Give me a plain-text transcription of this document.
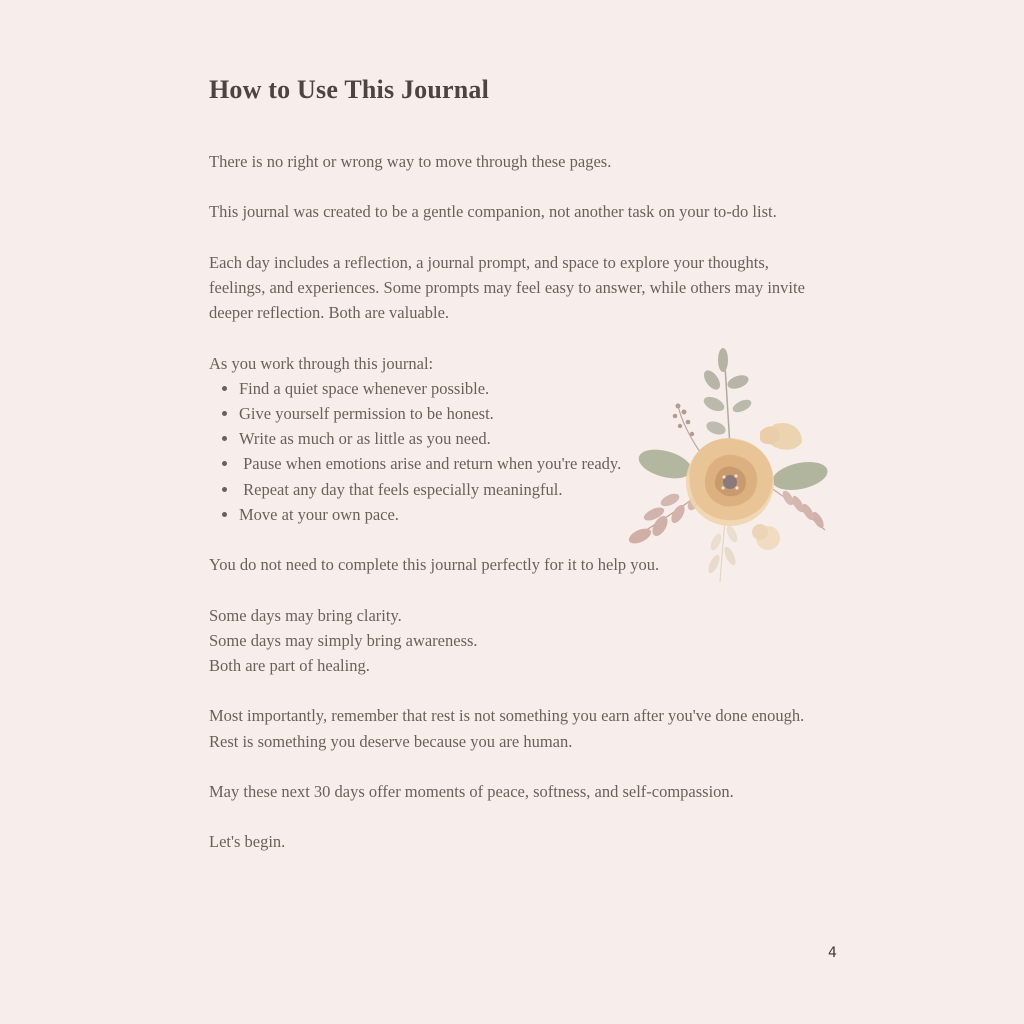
How to Use This Journal

There is no right or wrong way to move through these pages.

This journal was created to be a gentle companion, not another task on your to-do list.

Each day includes a reflection, a journal prompt, and space to explore your thoughts, feelings, and experiences. Some prompts may feel easy to answer, while others may invite deeper reflection. Both are valuable.

As you work through this journal:
• Find a quiet space whenever possible.
• Give yourself permission to be honest.
• Write as much or as little as you need.
•  Pause when emotions arise and return when you're ready.
•  Repeat any day that feels especially meaningful.
• Move at your own pace.

You do not need to complete this journal perfectly for it to help you.

Some days may bring clarity.
Some days may simply bring awareness.
Both are part of healing.

Most importantly, remember that rest is not something you earn after you've done enough.
Rest is something you deserve because you are human.

May these next 30 days offer moments of peace, softness, and self-compassion.

Let's begin.

4
